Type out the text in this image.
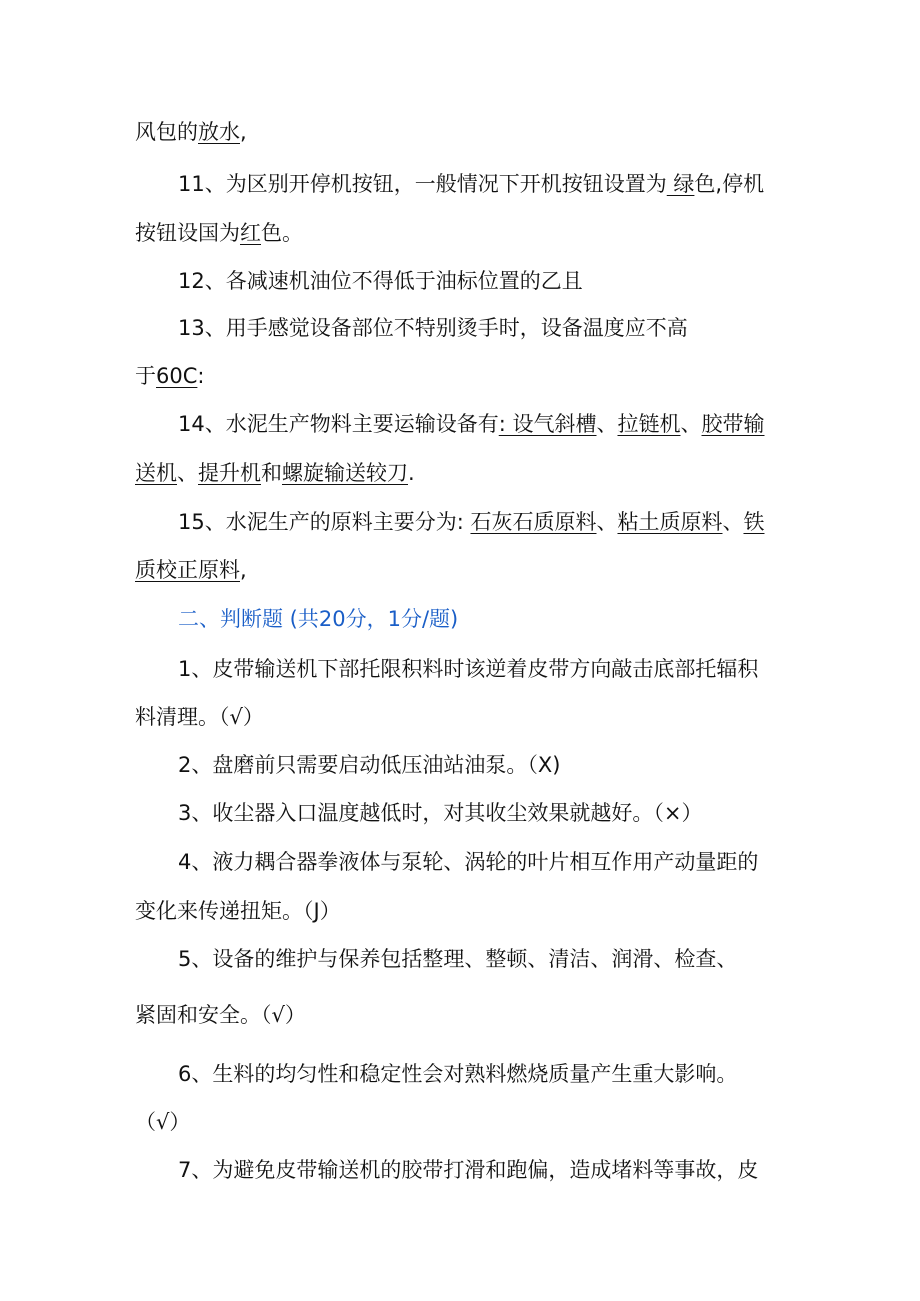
风包的放水,
11、为区别开停机按钮，一般情况下开机按钮设置为 绿色,停机
按钮设国为红色。
12、各减速机油位不得低于油标位置的乙且
13、用手感觉设备部位不特别烫手时，设备温度应不高
于60C:
14、水泥生产物料主要运输设备有: 设气斜槽、拉链机、胶带输
送机、提升机和螺旋输送较刀.
15、水泥生产的原料主要分为: 石灰石质原料、粘土质原料、铁
质校正原料,
二、判断题 (共20分，1分/题)
1、皮带输送机下部托限积料时该逆着皮带方向敲击底部托辐积
料清理。（√）
2、盘磨前只需要启动低压油站油泵。（X)
3、收尘器入口温度越低时，对其收尘效果就越好。（×）
4、液力耦合器拳液体与泵轮、涡轮的叶片相互作用产动量距的
变化来传递扭矩。（J）
5、设备的维护与保养包括整理、整顿、清洁、润滑、检查、
紧固和安全。（√）
6、生料的均匀性和稳定性会对熟料燃烧质量产生重大影响。
（√）
7、为避免皮带输送机的胶带打滑和跑偏，造成堵料等事故，皮
